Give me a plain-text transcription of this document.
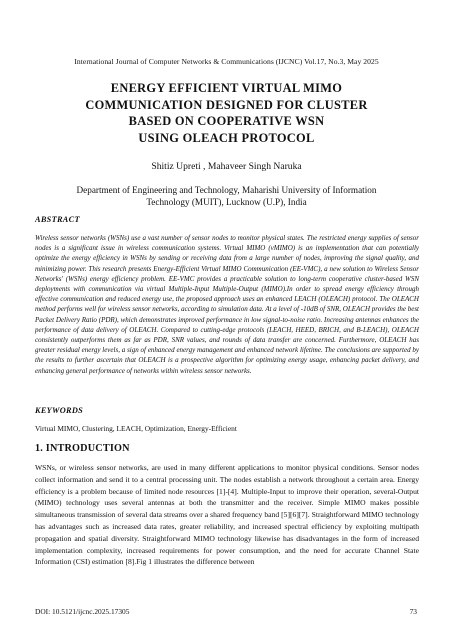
International Journal of Computer Networks & Communications (IJCNC) Vol.17, No.3, May 2025
ENERGY EFFICIENT VIRTUAL MIMO
COMMUNICATION DESIGNED FOR CLUSTER
BASED ON COOPERATIVE WSN
USING OLEACH PROTOCOL
Shitiz Upreti , Mahaveer Singh Naruka
Department of Engineering and Technology, Maharishi University of Information Technology (MUIT), Lucknow (U.P), India
ABSTRACT
Wireless sensor networks (WSNs) use a vast number of sensor nodes to monitor physical states. The restricted energy supplies of sensor nodes is a significant issue in wireless communication systems. Virtual MIMO (vMIMO) is an implementation that can potentially optimize the energy efficiency in WSNs by sending or receiving data from a large number of nodes, improving the signal quality, and minimizing power. This research presents Energy-Efficient Virtual MIMO Communication (EE-VMC), a new solution to Wireless Sensor Networks' (WSNs) energy efficiency problem. EE-VMC provides a practicable solution to long-term cooperative cluster-based WSN deployments with communication via virtual Multiple-Input Multiple-Output (MIMO).In order to spread energy efficiency through effective communication and reduced energy use, the proposed approach uses an enhanced LEACH (OLEACH) protocol. The OLEACH method performs well for wireless sensor networks, according to simulation data. At a level of -10dB of SNR, OLEACH provides the best Packet Delivery Ratio (PDR), which demonstrates improved performance in low signal-to-noise ratio. Increasing antennas enhances the performance of data delivery of OLEACH. Compared to cutting-edge protocols (LEACH, HEED, BRICH, and B-LEACH), OLEACH consistently outperforms them as far as PDR, SNR values, and rounds of data transfer are concerned. Furthermore, OLEACH has greater residual energy levels, a sign of enhanced energy management and enhanced network lifetime. The conclusions are supported by the results to further ascertain that OLEACH is a prospective algorithm for optimizing energy usage, enhancing packet delivery, and enhancing general performance of networks within wireless sensor networks.
KEYWORDS
Virtual MIMO, Clustering, LEACH, Optimization, Energy-Efficient
1. INTRODUCTION
WSNs, or wireless sensor networks, are used in many different applications to monitor physical conditions. Sensor nodes collect information and send it to a central processing unit. The nodes establish a network throughout a certain area. Energy efficiency is a problem because of limited node resources [1]-[4]. Multiple-Input to improve their operation, several-Output (MIMO) technology uses several antennas at both the transmitter and the receiver. Simple MIMO makes possible simultaneous transmission of several data streams over a shared frequency band [5][6][7]. Straightforward MIMO technology has advantages such as increased data rates, greater reliability, and increased spectral efficiency by exploiting multipath propagation and spatial diversity. Straightforward MIMO technology likewise has disadvantages in the form of increased implementation complexity, increased requirements for power consumption, and the need for accurate Channel State Information (CSI) estimation [8].Fig 1 illustrates the difference between
DOI: 10.5121/ijcnc.2025.17305	73
